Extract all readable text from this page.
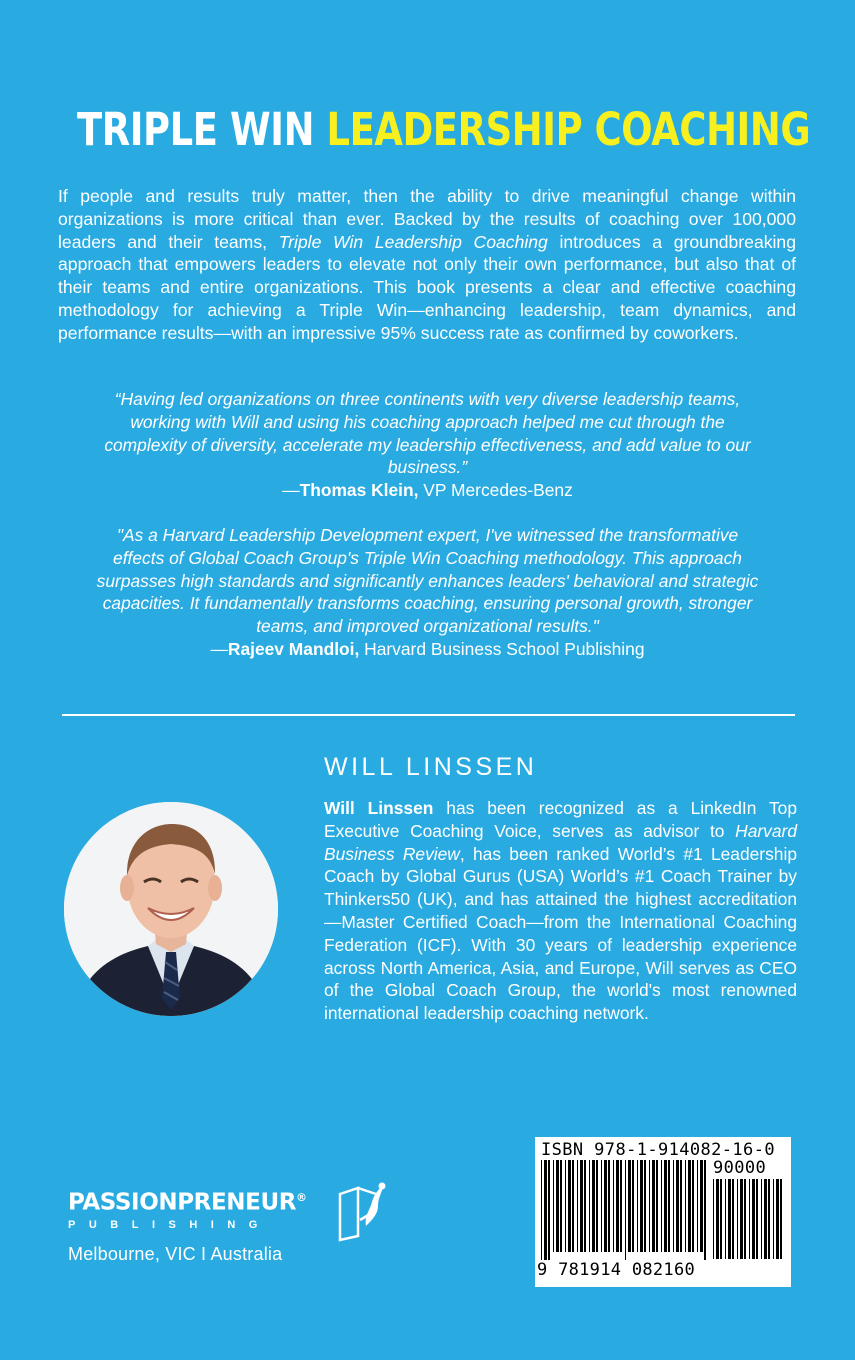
TRIPLE WIN LEADERSHIP COACHING

If people and results truly matter, then the ability to drive meaningful change within organizations is more critical than ever. Backed by the results of coaching over 100,000 leaders and their teams, Triple Win Leadership Coaching introduces a groundbreaking approach that empowers leaders to elevate not only their own performance, but also that of their teams and entire organizations. This book presents a clear and effective coaching methodology for achieving a Triple Win—enhancing leadership, team dynamics, and performance results—with an impressive 95% success rate as confirmed by coworkers.

“Having led organizations on three continents with very diverse leadership teams, working with Will and using his coaching approach helped me cut through the complexity of diversity, accelerate my leadership effectiveness, and add value to our business.”
—Thomas Klein, VP Mercedes-Benz
"As a Harvard Leadership Development expert, I've witnessed the transformative effects of Global Coach Group's Triple Win Coaching methodology. This approach surpasses high standards and significantly enhances leaders' behavioral and strategic capacities. It fundamentally transforms coaching, ensuring personal growth, stronger teams, and improved organizational results."
—Rajeev Mandloi, Harvard Business School Publishing
WILL LINSSEN

Will Linssen has been recognized as a LinkedIn Top Executive Coaching Voice, serves as advisor to Harvard Business Review, has been ranked World’s #1 Leadership Coach by Global Gurus (USA) World’s #1 Coach Trainer by Thinkers50 (UK), and has attained the highest accreditation—Master Certified Coach—from the International Coaching Federation (ICF). With 30 years of leadership experience across North America, Asia, and Europe, Will serves as CEO of the Global Coach Group, the world's most renowned international leadership coaching network.

PASSIONPRENEUR®
PUBLISHING
Melbourne, VIC I Australia
ISBN 978-1-914082-16-0
90000
9 781914 082160
